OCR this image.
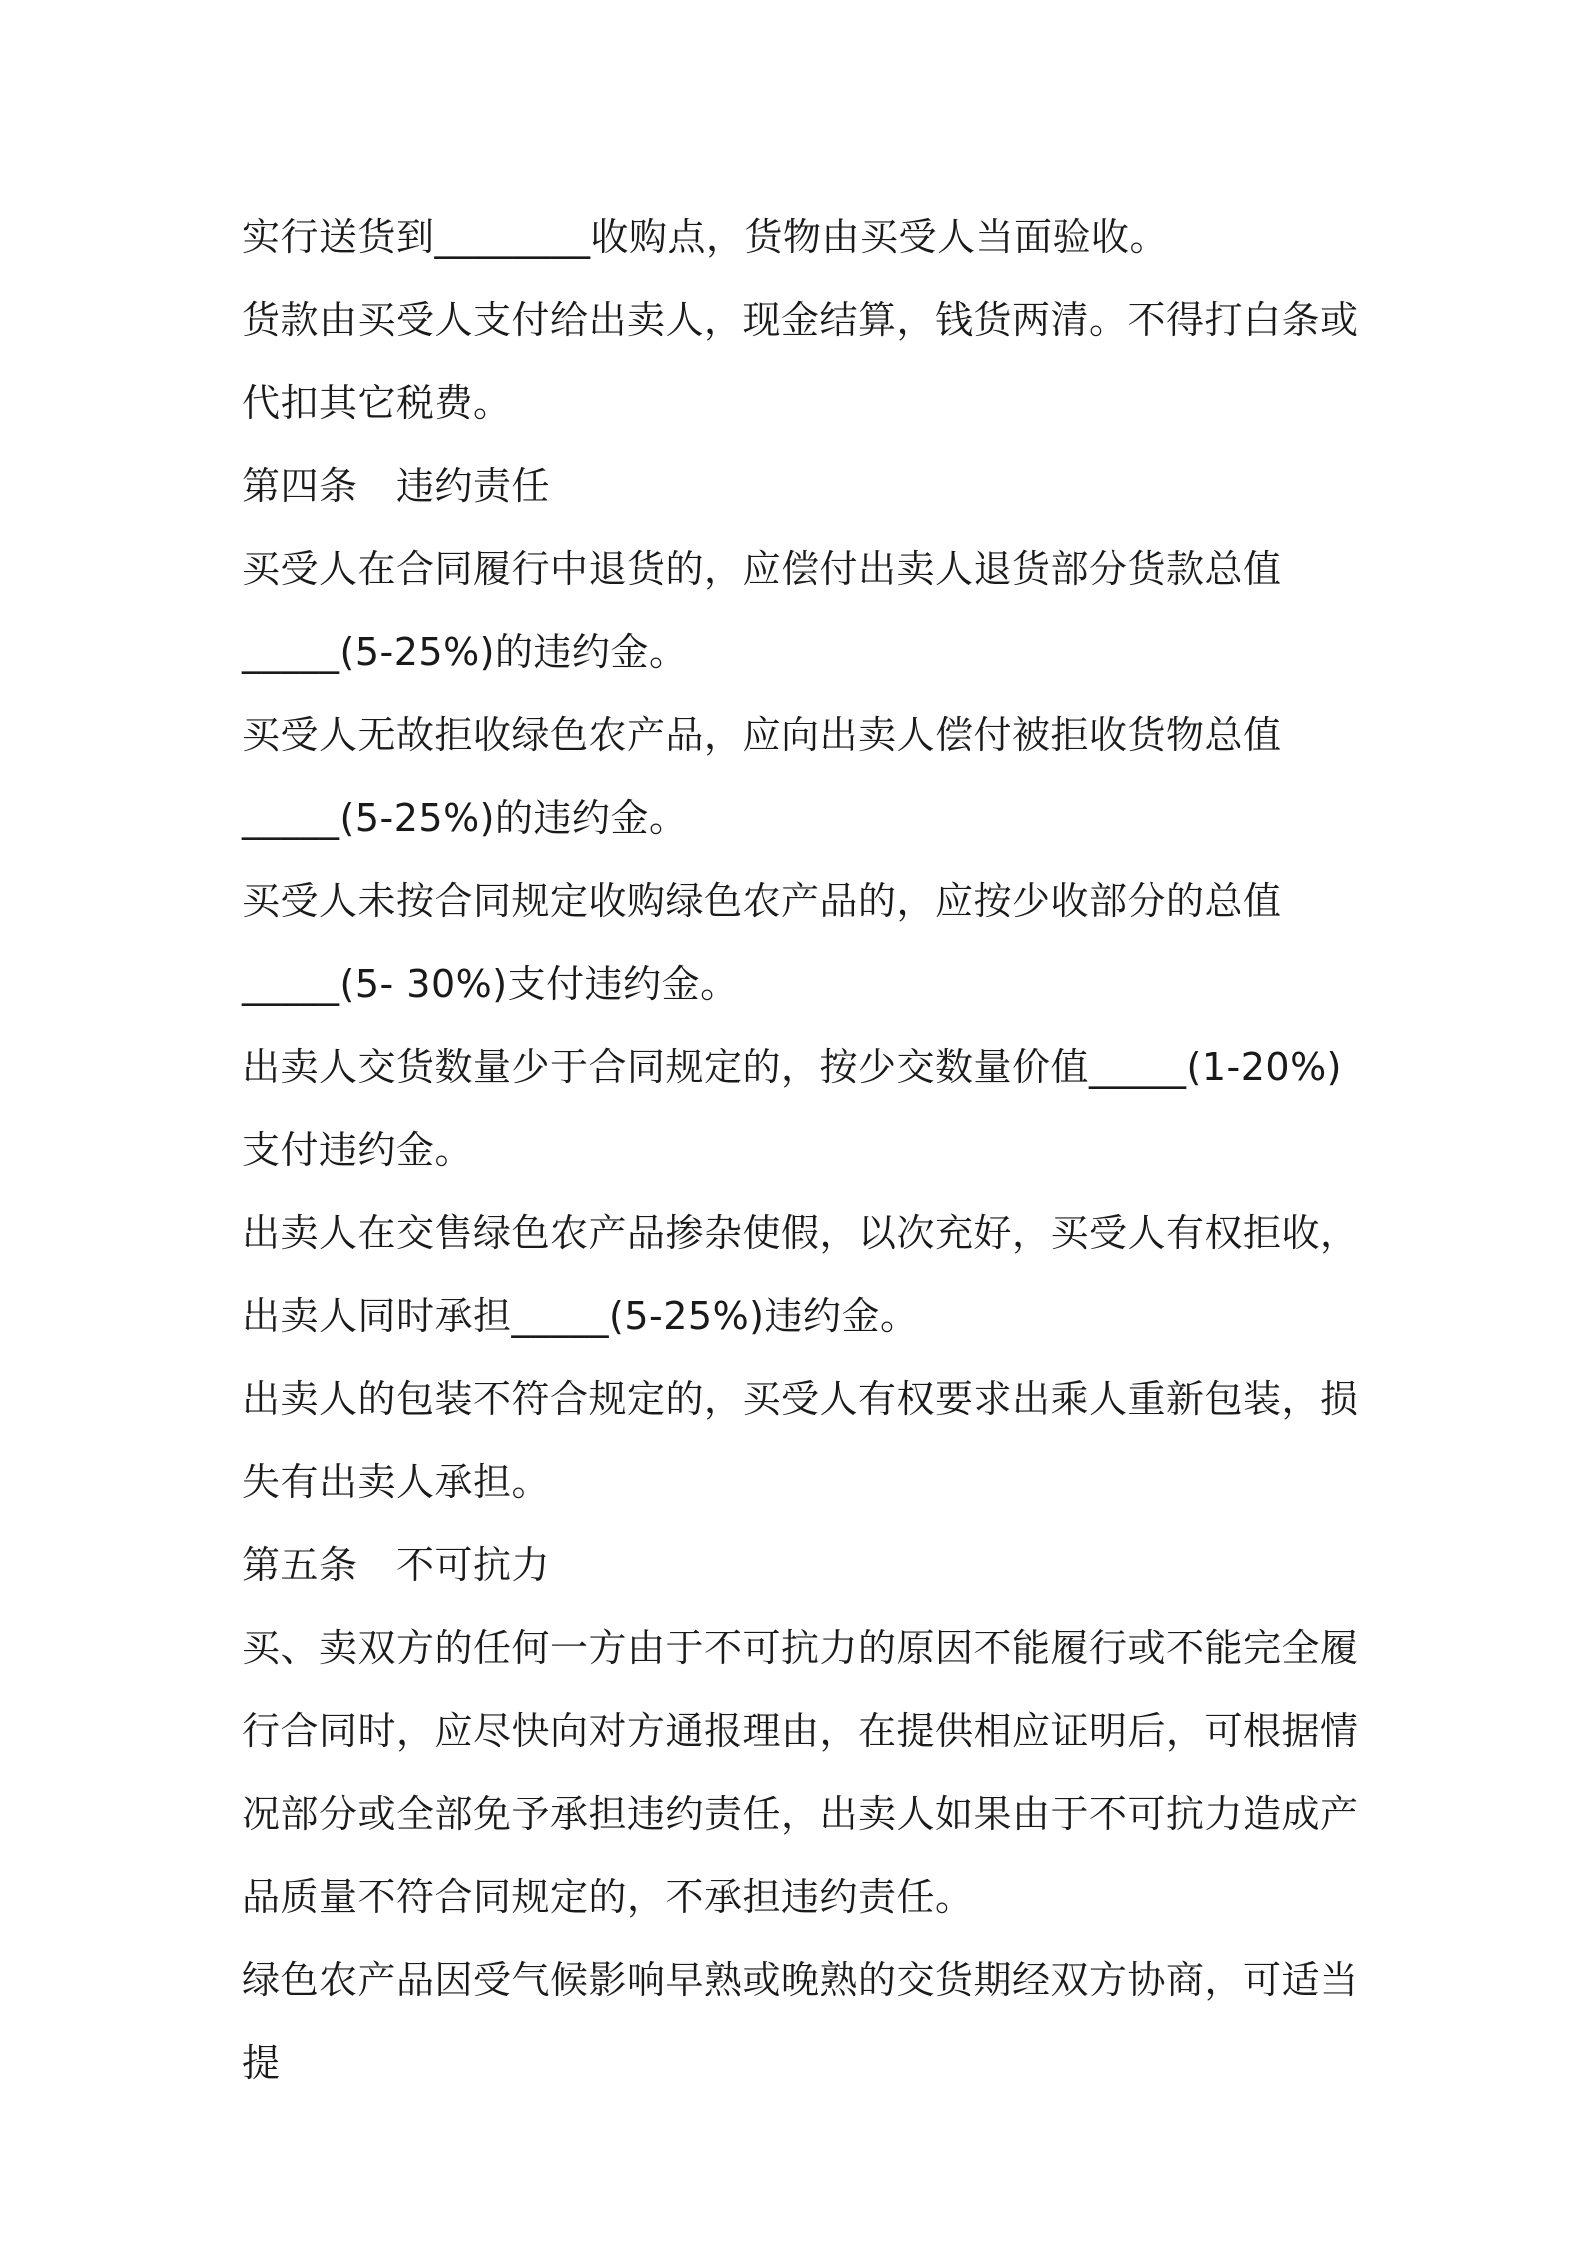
实行送货到________收购点，货物由买受人当面验收。

货款由买受人支付给出卖人，现金结算，钱货两清。不得打白条或代扣其它税费。

第四条　违约责任

买受人在合同履行中退货的，应偿付出卖人退货部分货款总值
_____(5-25%)的违约金。

买受人无故拒收绿色农产品，应向出卖人偿付被拒收货物总值
_____(5-25%)的违约金。

买受人未按合同规定收购绿色农产品的，应按少收部分的总值
_____(5- 30%)支付违约金。

出卖人交货数量少于合同规定的，按少交数量价值_____(1-20%)支付违约金。

出卖人在交售绿色农产品掺杂使假，以次充好，买受人有权拒收，出卖人同时承担_____(5-25%)违约金。

出卖人的包装不符合规定的，买受人有权要求出乘人重新包装，损失有出卖人承担。

第五条　不可抗力

买、卖双方的任何一方由于不可抗力的原因不能履行或不能完全履行合同时，应尽快向对方通报理由，在提供相应证明后，可根据情况部分或全部免予承担违约责任，出卖人如果由于不可抗力造成产品质量不符合同规定的，不承担违约责任。

绿色农产品因受气候影响早熟或晚熟的交货期经双方协商，可适当提
